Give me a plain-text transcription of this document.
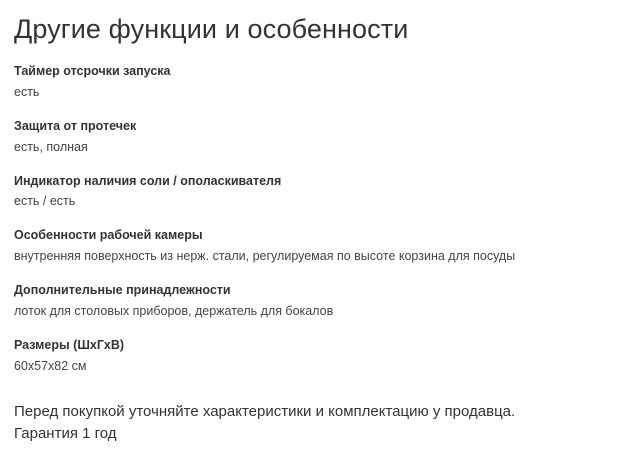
Другие функции и особенности
Таймер отсрочки запуска
есть
Защита от протечек
есть, полная
Индикатор наличия соли / ополаскивателя
есть / есть
Особенности рабочей камеры
внутренняя поверхность из нерж. стали, регулируемая по высоте корзина для посуды
Дополнительные принадлежности
лоток для столовых приборов, держатель для бокалов
Размеры (ШхГхВ)
60x57x82 см
Перед покупкой уточняйте характеристики и комплектацию у продавца.
Гарантия 1 год
